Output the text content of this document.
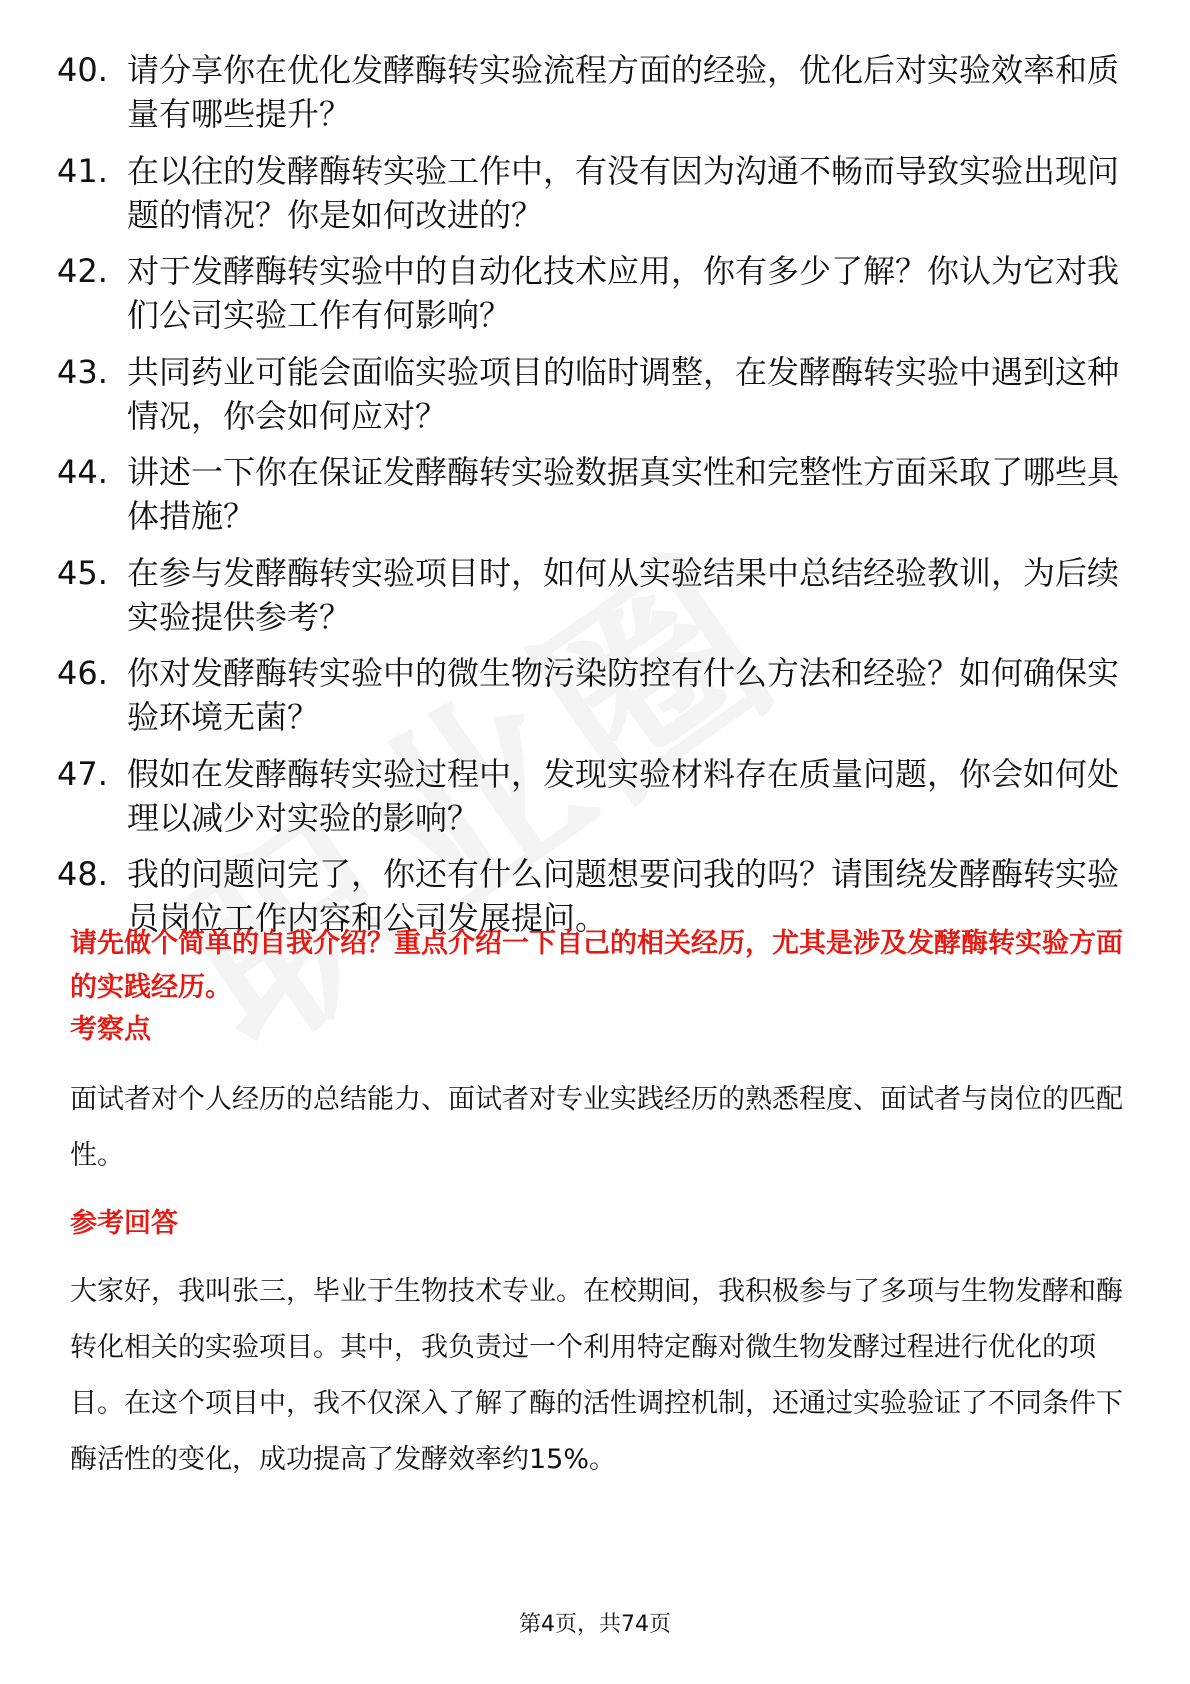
40. 请分享你在优化发酵酶转实验流程方面的经验，优化后对实验效率和质量有哪些提升？
41. 在以往的发酵酶转实验工作中，有没有因为沟通不畅而导致实验出现问题的情况？你是如何改进的？
42. 对于发酵酶转实验中的自动化技术应用，你有多少了解？你认为它对我们公司实验工作有何影响？
43. 共同药业可能会面临实验项目的临时调整，在发酵酶转实验中遇到这种情况，你会如何应对？
44. 讲述一下你在保证发酵酶转实验数据真实性和完整性方面采取了哪些具体措施？
45. 在参与发酵酶转实验项目时，如何从实验结果中总结经验教训，为后续实验提供参考？
46. 你对发酵酶转实验中的微生物污染防控有什么方法和经验？如何确保实验环境无菌？
47. 假如在发酵酶转实验过程中，发现实验材料存在质量问题，你会如何处理以减少对实验的影响？
48. 我的问题问完了，你还有什么问题想要问我的吗？请围绕发酵酶转实验员岗位工作内容和公司发展提问。
请先做个简单的自我介绍？重点介绍一下自己的相关经历，尤其是涉及发酵酶转实验方面的实践经历。
考察点
面试者对个人经历的总结能力、面试者对专业实践经历的熟悉程度、面试者与岗位的匹配性。
参考回答
大家好，我叫张三，毕业于生物技术专业。在校期间，我积极参与了多项与生物发酵和酶转化相关的实验项目。其中，我负责过一个利用特定酶对微生物发酵过程进行优化的项目。在这个项目中，我不仅深入了解了酶的活性调控机制，还通过实验验证了不同条件下酶活性的变化，成功提高了发酵效率约15%。
第4页，共74页
